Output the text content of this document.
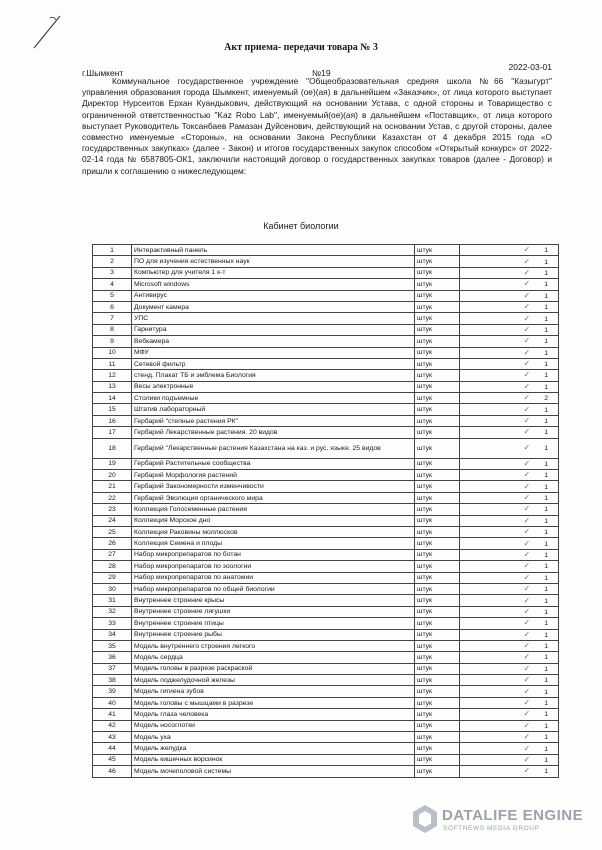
Акт приема- передачи товара № 3
г.Шымкент	№19
2022-03-01
Коммунальное государственное учреждение "Общеобразовательная средняя школа №66 "Казыгурт" управления образования города Шымкент, именуемый (ое)(ая) в дальнейшем «Заказчик», от лица которого выступает Директор Нурсеитов Ерхан Куандыкович, действующий на основании Устава, с одной стороны и Товарищество с ограниченной ответственностью "Kaz Robo Lab", именуемый(ое)(ая) в дальнейшем «Поставщик», от лица которого выступает Руководитель Токсанбаев Рамазан Дуйсенович, действующий на основании Устав, с другой стороны, далее совместно именуемые «Стороны», на основании Закона Республики Казахстан от 4 декабря 2015 года «О государственных закупках» (далее - Закон) и итогов государственных закупок способом «Открытый конкурс» от 2022-02-14 года № 6587805-ОК1, заключили настоящий договор о государственных закупках товаров (далее - Договор) и пришли к соглашению о нижеследующем:
Кабинет биологии
1	Интерактивный панель	штук	✓ 1
2	ПО для изучения естественных наук	штук	✓ 1
3	Компьютер для учителя 1 к-т	штук	✓ 1
4	Microsoft windows	штук	✓ 1
5	Антивирус	штук	✓ 1
6	Документ камера	штук	✓ 1
7	УПС	штук	✓ 1
8	Гарнитура	штук	✓ 1
9	Вебкамера	штук	✓ 1
10	МФУ	штук	✓ 1
11	Сетевой фильтр	штук	✓ 1
12	стенд. Плакат ТБ и эмблема Биология	штук	✓ 1
13	Весы электронные	штук	✓ 1
14	Столики подъемные	штук	✓ 2
15	Штатив лабораторный	штук	✓ 1
16	Гербарий "степные растения РК"	штук	✓ 1
17	Гербарий Лекарственные растения. 20 видов	штук	✓ 1
18	Гербарий "Лекарственные растения Казахстана на каз. и рус. языке. 25 видов	штук	✓ 1
19	Гербарий Растительные сообщества	штук	✓ 1
20	Гербарий Морфология растений	штук	✓ 1
21	Гербарий Закономерности изменчивости	штук	✓ 1
22	Гербарий Эволюция органического мира	штук	✓ 1
23	Коллекция Голосеменные растения	штук	✓ 1
24	Коллекция Морское дно	штук	✓ 1
25	Коллекция Раковины моллюсков	штук	✓ 1
26	Коллекция Семена и плоды	штук	✓ 1
27	Набор микропрепаратов по ботан	штук	✓ 1
28	Набор микропрепаратов по зоологии	штук	✓ 1
29	Набор микропрепаратов по анатомии	штук	✓ 1
30	Набор микропрепаратов по общей биологии	штук	✓ 1
31	Внутреннее строение крысы	штук	✓ 1
32	Внутреннее строение лягушки	штук	✓ 1
33	Внутреннее строение птицы	штук	✓ 1
34	Внутреннее строение рыбы	штук	✓ 1
35	Модель внутреннего строения легкого	штук	✓ 1
36	Модель сердца	штук	✓ 1
37	Модель головы в разрезе раскраской	штук	✓ 1
38	Модель поджелудочной железы	штук	✓ 1
39	Модель гигиена зубов	штук	✓ 1
40	Модель головы с мышцами в разрезе	штук	✓ 1
41	Модель глаза человека	штук	✓ 1
42	Модель носоглотки	штук	✓ 1
43	Модель уха	штук	✓ 1
44	Модель желудка	штук	✓ 1
45	Модель кишечных ворсинок	штук	✓ 1
46	Модель мочеполовой системы	штук	✓ 1
DATALIFE ENGINE
SOFTNEWS MEDIA GROUP
